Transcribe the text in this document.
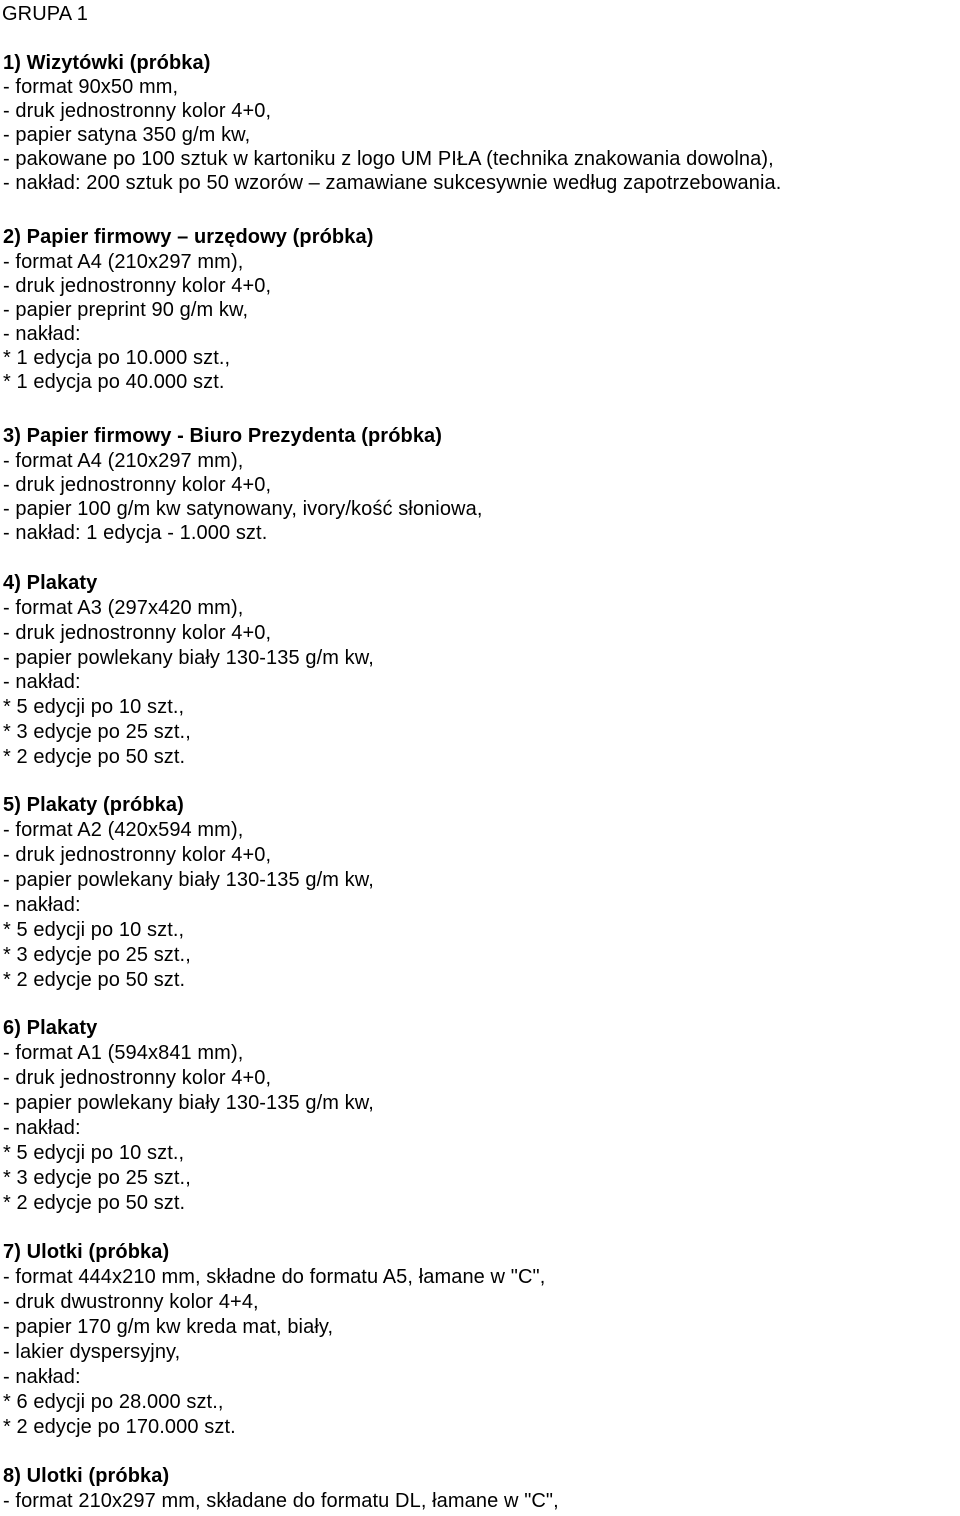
GRUPA 1

1) Wizytówki (próbka)

- format 90x50 mm,

- druk jednostronny kolor 4+0,

- papier satyna 350 g/m kw,

- pakowane po 100 sztuk w kartoniku z logo UM PIŁA (technika znakowania dowolna),

- nakład: 200 sztuk po 50 wzorów – zamawiane sukcesywnie według zapotrzebowania.

2) Papier firmowy – urzędowy (próbka)

- format A4 (210x297 mm),

- druk jednostronny kolor 4+0,

- papier preprint 90 g/m kw,

- nakład:

* 1 edycja po 10.000 szt.,

* 1 edycja po 40.000 szt.

3) Papier firmowy - Biuro Prezydenta (próbka)

- format A4 (210x297 mm),

- druk jednostronny kolor 4+0,

- papier 100 g/m kw satynowany, ivory/kość słoniowa,

- nakład: 1 edycja - 1.000 szt.

4) Plakaty

- format A3 (297x420 mm),

- druk jednostronny kolor 4+0,

- papier powlekany biały 130-135 g/m kw,

- nakład:

* 5 edycji po 10 szt.,

* 3 edycje po 25 szt.,

* 2 edycje po 50 szt.

5) Plakaty (próbka)

- format A2 (420x594 mm),

- druk jednostronny kolor 4+0,

- papier powlekany biały 130-135 g/m kw,

- nakład:

* 5 edycji po 10 szt.,

* 3 edycje po 25 szt.,

* 2 edycje po 50 szt.

6) Plakaty

- format A1 (594x841 mm),

- druk jednostronny kolor 4+0,

- papier powlekany biały 130-135 g/m kw,

- nakład:

* 5 edycji po 10 szt.,

* 3 edycje po 25 szt.,

* 2 edycje po 50 szt.

7) Ulotki (próbka)

- format 444x210 mm, składne do formatu A5, łamane w "C",

- druk dwustronny kolor 4+4,

- papier 170 g/m kw kreda mat, biały,

- lakier dyspersyjny,

- nakład:

* 6 edycji po 28.000 szt.,

* 2 edycje po 170.000 szt.

8) Ulotki (próbka)

- format 210x297 mm, składane do formatu DL, łamane w "C",
